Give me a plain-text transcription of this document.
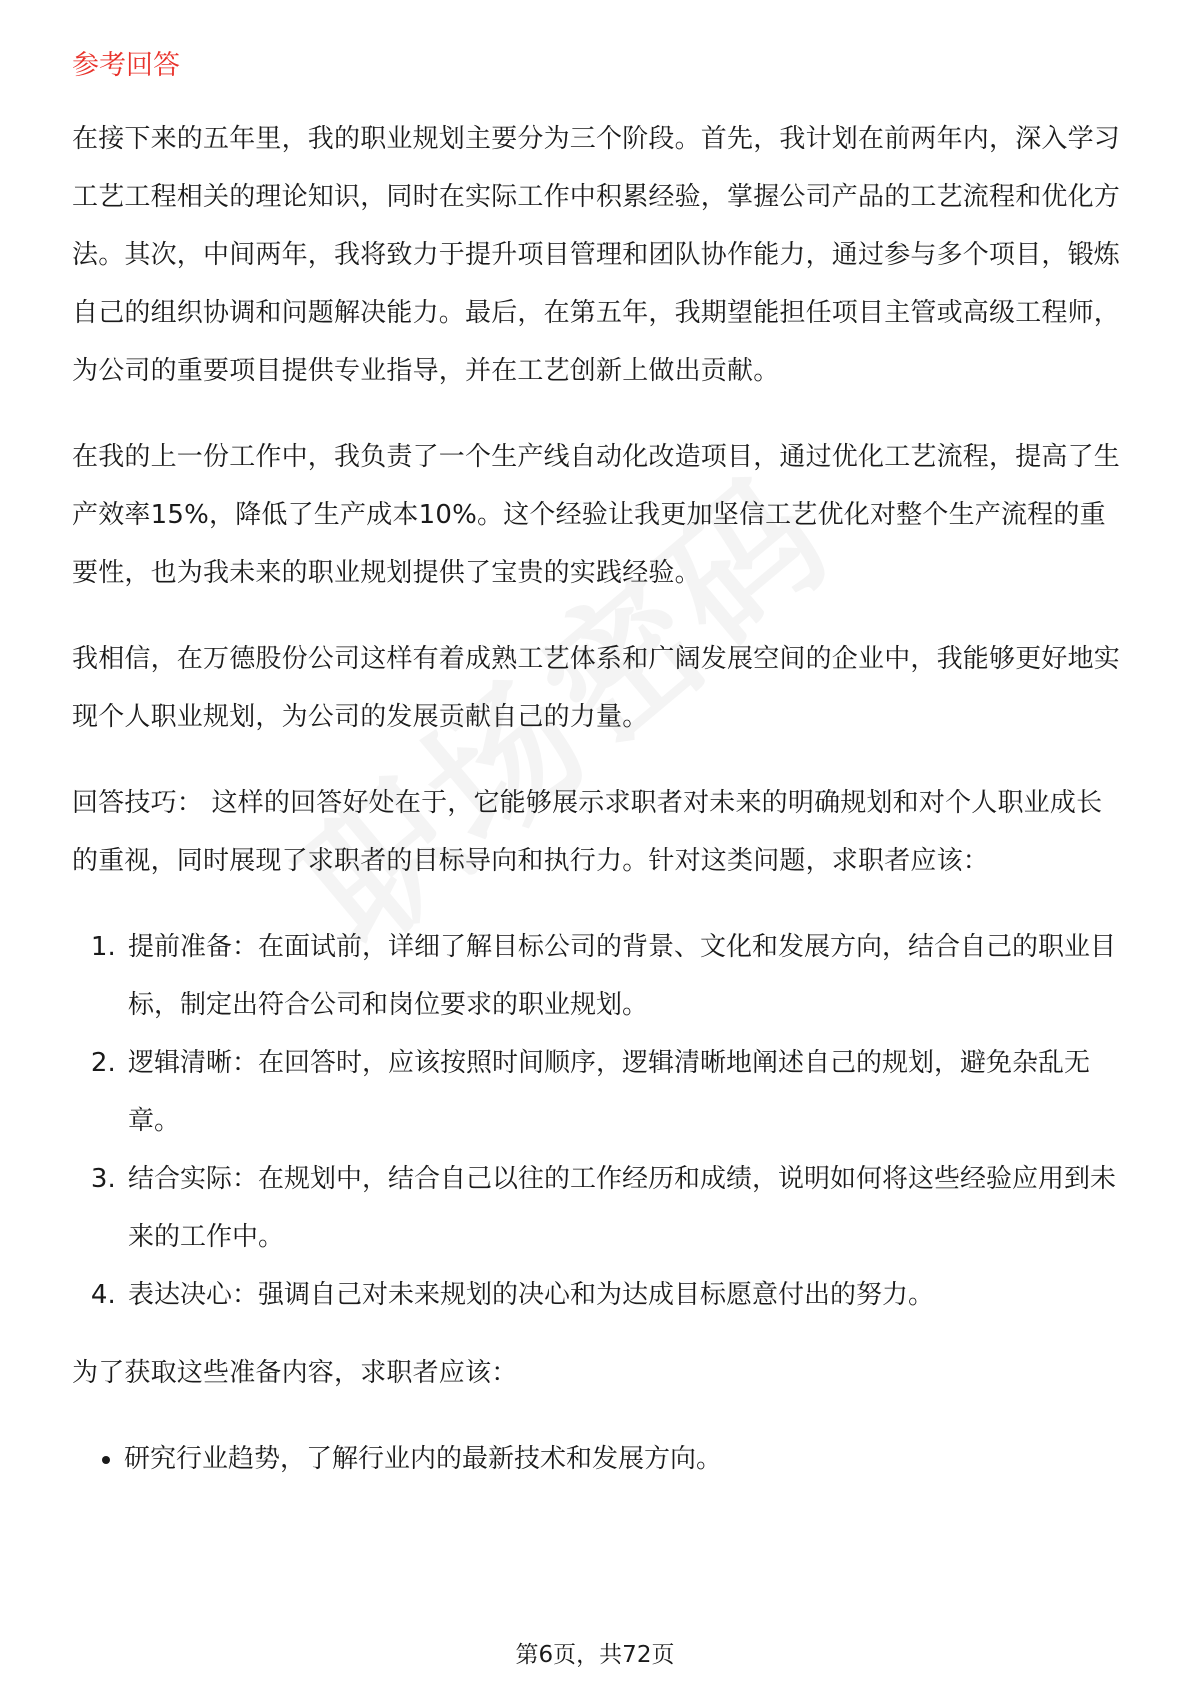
参考回答

在接下来的五年里，我的职业规划主要分为三个阶段。首先，我计划在前两年内，深入学习工艺工程相关的理论知识，同时在实际工作中积累经验，掌握公司产品的工艺流程和优化方法。其次，中间两年，我将致力于提升项目管理和团队协作能力，通过参与多个项目，锻炼自己的组织协调和问题解决能力。最后，在第五年，我期望能担任项目主管或高级工程师，为公司的重要项目提供专业指导，并在工艺创新上做出贡献。

在我的上一份工作中，我负责了一个生产线自动化改造项目，通过优化工艺流程，提高了生产效率15%，降低了生产成本10%。这个经验让我更加坚信工艺优化对整个生产流程的重要性，也为我未来的职业规划提供了宝贵的实践经验。

我相信，在万德股份公司这样有着成熟工艺体系和广阔发展空间的企业中，我能够更好地实现个人职业规划，为公司的发展贡献自己的力量。

回答技巧： 这样的回答好处在于，它能够展示求职者对未来的明确规划和对个人职业成长的重视，同时展现了求职者的目标导向和执行力。针对这类问题，求职者应该：

1. 提前准备：在面试前，详细了解目标公司的背景、文化和发展方向，结合自己的职业目标，制定出符合公司和岗位要求的职业规划。
2. 逻辑清晰：在回答时，应该按照时间顺序，逻辑清晰地阐述自己的规划，避免杂乱无章。
3. 结合实际：在规划中，结合自己以往的工作经历和成绩，说明如何将这些经验应用到未来的工作中。
4. 表达决心：强调自己对未来规划的决心和为达成目标愿意付出的努力。

为了获取这些准备内容，求职者应该：

• 研究行业趋势，了解行业内的最新技术和发展方向。
第6页，共72页
